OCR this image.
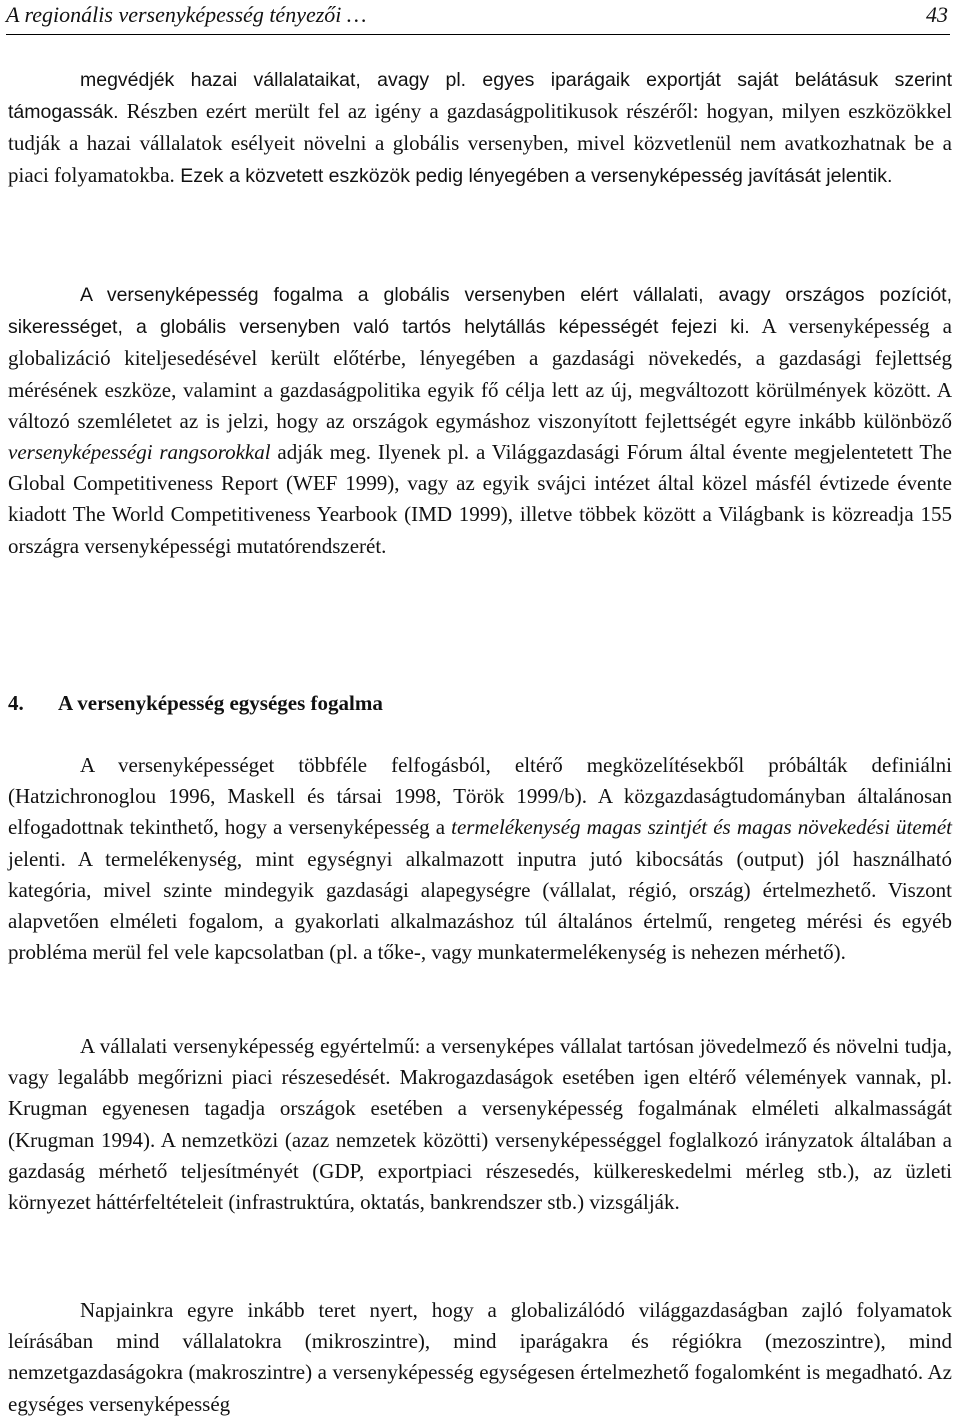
A regionális versenyképesség tényezői …	43

megvédjék hazai vállalataikat, avagy pl. egyes iparágaik exportját saját belátásuk szerint támogassák. Részben ezért merült fel az igény a gazdaságpolitikusok részéről: hogyan, milyen eszközökkel tudják a hazai vállalatok esélyeit növelni a globális versenyben, mivel közvetlenül nem avatkozhatnak be a piaci folyamatokba. Ezek a közvetett eszközök pedig lényegében a versenyképesség javítását jelentik.

A versenyképesség fogalma a globális versenyben elért vállalati, avagy országos pozíciót, sikerességet, a globális versenyben való tartós helytállás képességét fejezi ki. A versenyképesség a globalizáció kiteljesedésével került előtérbe, lényegében a gazdasági növekedés, a gazdasági fejlettség mérésének eszköze, valamint a gazdaságpolitika egyik fő célja lett az új, megváltozott körülmények között. A változó szemléletet az is jelzi, hogy az országok egymáshoz viszonyított fejlettségét egyre inkább különböző versenyképességi rangsorokkal adják meg. Ilyenek pl. a Világgazdasági Fórum által évente megjelentetett The Global Competitiveness Report (WEF 1999), vagy az egyik svájci intézet által közel másfél évtizede évente kiadott The World Competitiveness Yearbook (IMD 1999), illetve többek között a Világbank is közreadja 155 országra versenyképességi mutatórendszerét.

4. A versenyképesség egységes fogalma

A versenyképességet többféle felfogásból, eltérő megközelítésekből próbálták definiálni (Hatzichronoglou 1996, Maskell és társai 1998, Török 1999/b). A közgazdaságtudományban általánosan elfogadottnak tekinthető, hogy a versenyképesség a termelékenység magas szintjét és magas növekedési ütemét jelenti. A termelékenység, mint egységnyi alkalmazott inputra jutó kibocsátás (output) jól használható kategória, mivel szinte mindegyik gazdasági alapegységre (vállalat, régió, ország) értelmezhető. Viszont alapvetően elméleti fogalom, a gyakorlati alkalmazáshoz túl általános értelmű, rengeteg mérési és egyéb probléma merül fel vele kapcsolatban (pl. a tőke-, vagy munkatermelékenység is nehezen mérhető).

A vállalati versenyképesség egyértelmű: a versenyképes vállalat tartósan jövedelmező és növelni tudja, vagy legalább megőrizni piaci részesedését. Makrogazdaságok esetében igen eltérő vélemények vannak, pl. Krugman egyenesen tagadja országok esetében a versenyképesség fogalmának elméleti alkalmasságát (Krugman 1994). A nemzetközi (azaz nemzetek közötti) versenyképességgel foglalkozó irányzatok általában a gazdaság mérhető teljesítményét (GDP, exportpiaci részesedés, külkereskedelmi mérleg stb.), az üzleti környezet háttérfeltételeit (infrastruktúra, oktatás, bankrendszer stb.) vizsgálják.

Napjainkra egyre inkább teret nyert, hogy a globalizálódó világgazdaságban zajló folyamatok leírásában mind vállalatokra (mikroszintre), mind iparágakra és régiókra (mezoszintre), mind nemzetgazdaságokra (makroszintre) a versenyképesség egységesen értelmezhető fogalomként is megadható. Az egységes versenyképesség
